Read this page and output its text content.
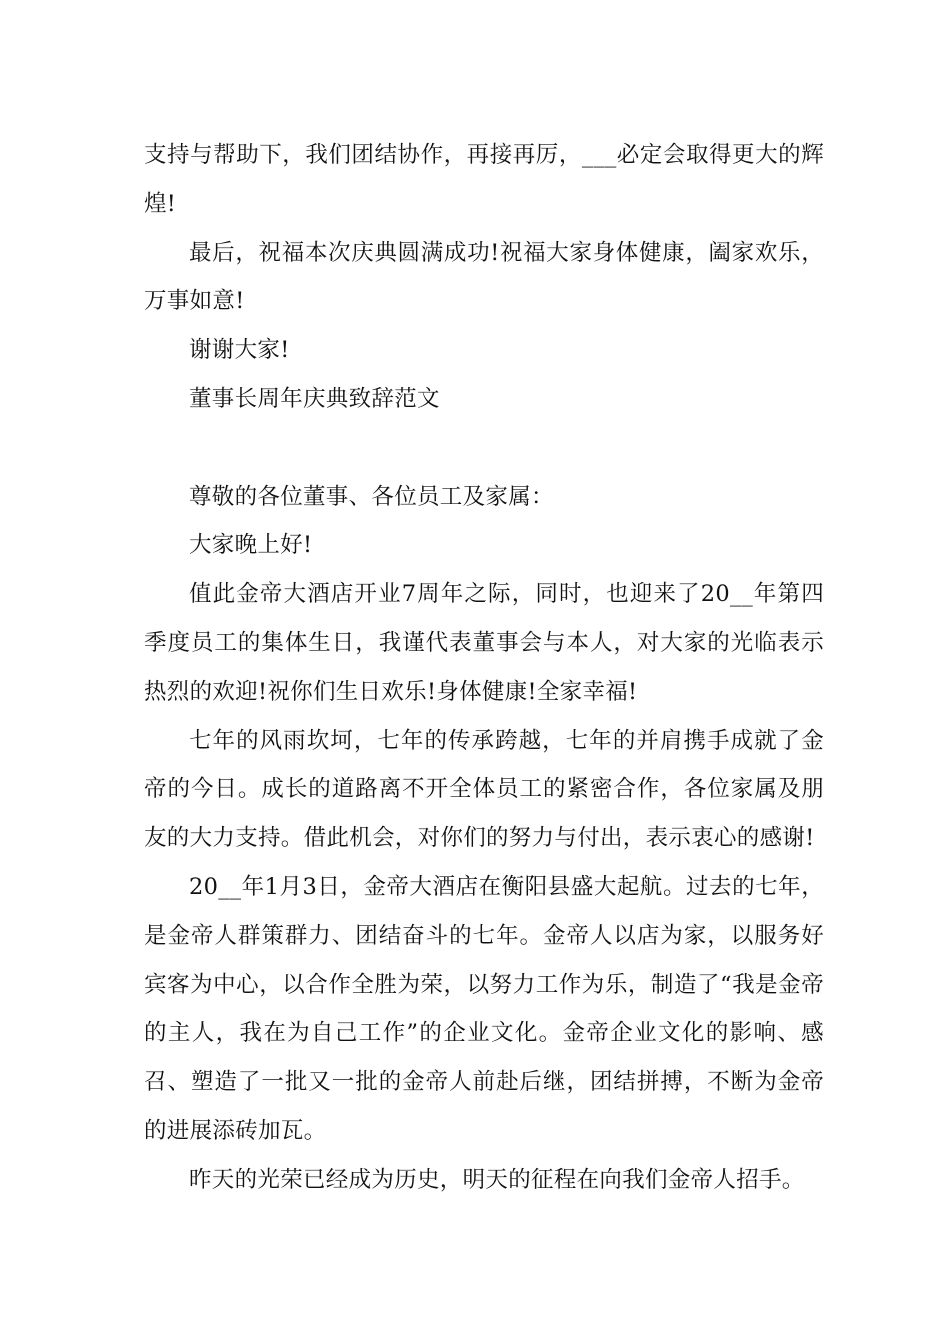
支持与帮助下，我们团结协作，再接再厉，___必定会取得更大的辉煌!

最后，祝福本次庆典圆满成功!祝福大家身体健康，阖家欢乐，万事如意!

谢谢大家!

董事长周年庆典致辞范文

尊敬的各位董事、各位员工及家属：

大家晚上好!

值此金帝大酒店开业7周年之际，同时，也迎来了20__年第四季度员工的集体生日，我谨代表董事会与本人，对大家的光临表示热烈的欢迎!祝你们生日欢乐!身体健康!全家幸福!

七年的风雨坎坷，七年的传承跨越，七年的并肩携手成就了金帝的今日。成长的道路离不开全体员工的紧密合作，各位家属及朋友的大力支持。借此机会，对你们的努力与付出，表示衷心的感谢!

20__年1月3日，金帝大酒店在衡阳县盛大起航。过去的七年，是金帝人群策群力、团结奋斗的七年。金帝人以店为家，以服务好宾客为中心，以合作全胜为荣，以努力工作为乐，制造了“我是金帝的主人，我在为自己工作”的企业文化。金帝企业文化的影响、感召、塑造了一批又一批的金帝人前赴后继，团结拼搏，不断为金帝的进展添砖加瓦。

昨天的光荣已经成为历史，明天的征程在向我们金帝人招手。
